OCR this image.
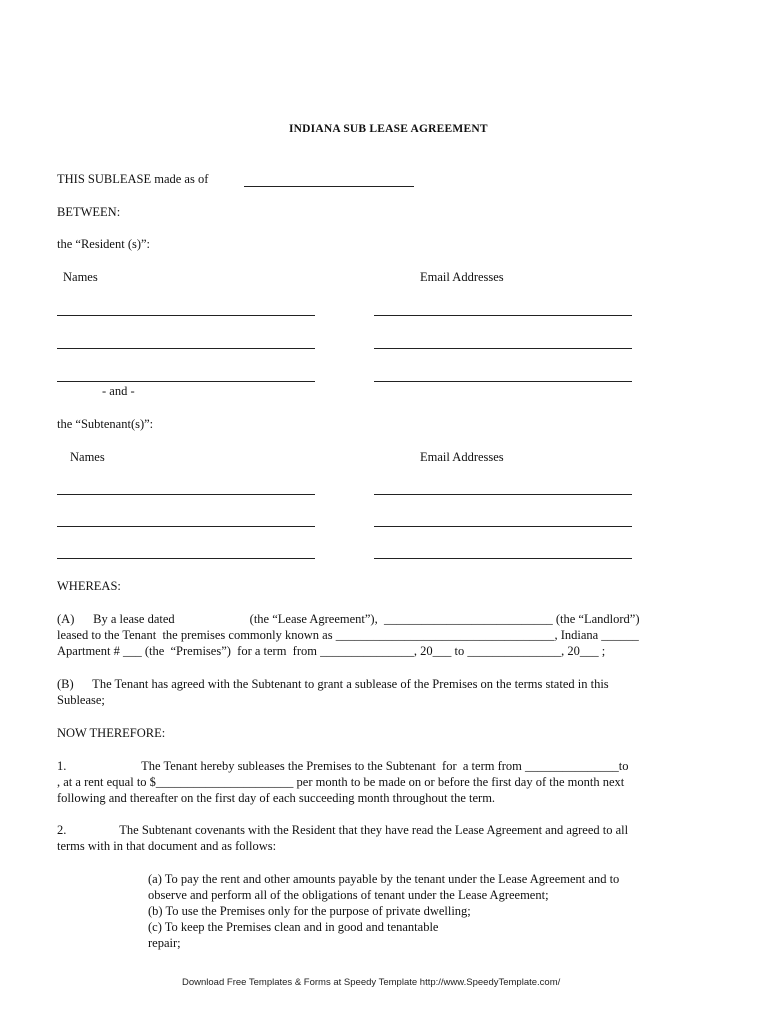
INDIANA SUB LEASE AGREEMENT
THIS SUBLEASE made as of
BETWEEN:
the “Resident (s)”:
Names	Email Addresses
- and -
the “Subtenant(s)”:
Names	Email Addresses
WHEREAS:
(A)      By a lease dated                        (the “Lease Agreement”),  ___________________________ (the “Landlord”)
leased to the Tenant  the premises commonly known as ___________________________________, Indiana ______
Apartment # ___ (the  “Premises”)  for a term  from _______________, 20___ to _______________, 20___ ;
(B)      The Tenant has agreed with the Subtenant to grant a sublease of the Premises on the terms stated in this
Sublease;
NOW THEREFORE:
1.                        The Tenant hereby subleases the Premises to the Subtenant  for  a term from _______________to
, at a rent equal to $______________________ per month to be made on or before the first day of the month next
following and thereafter on the first day of each succeeding month throughout the term.
2.                 The Subtenant covenants with the Resident that they have read the Lease Agreement and agreed to all
terms with in that document and as follows:
(a) To pay the rent and other amounts payable by the tenant under the Lease Agreement and to
observe and perform all of the obligations of tenant under the Lease Agreement;
(b) To use the Premises only for the purpose of private dwelling;
(c) To keep the Premises clean and in good and tenantable
repair;
Download Free Templates & Forms at Speedy Template http://www.SpeedyTemplate.com/
